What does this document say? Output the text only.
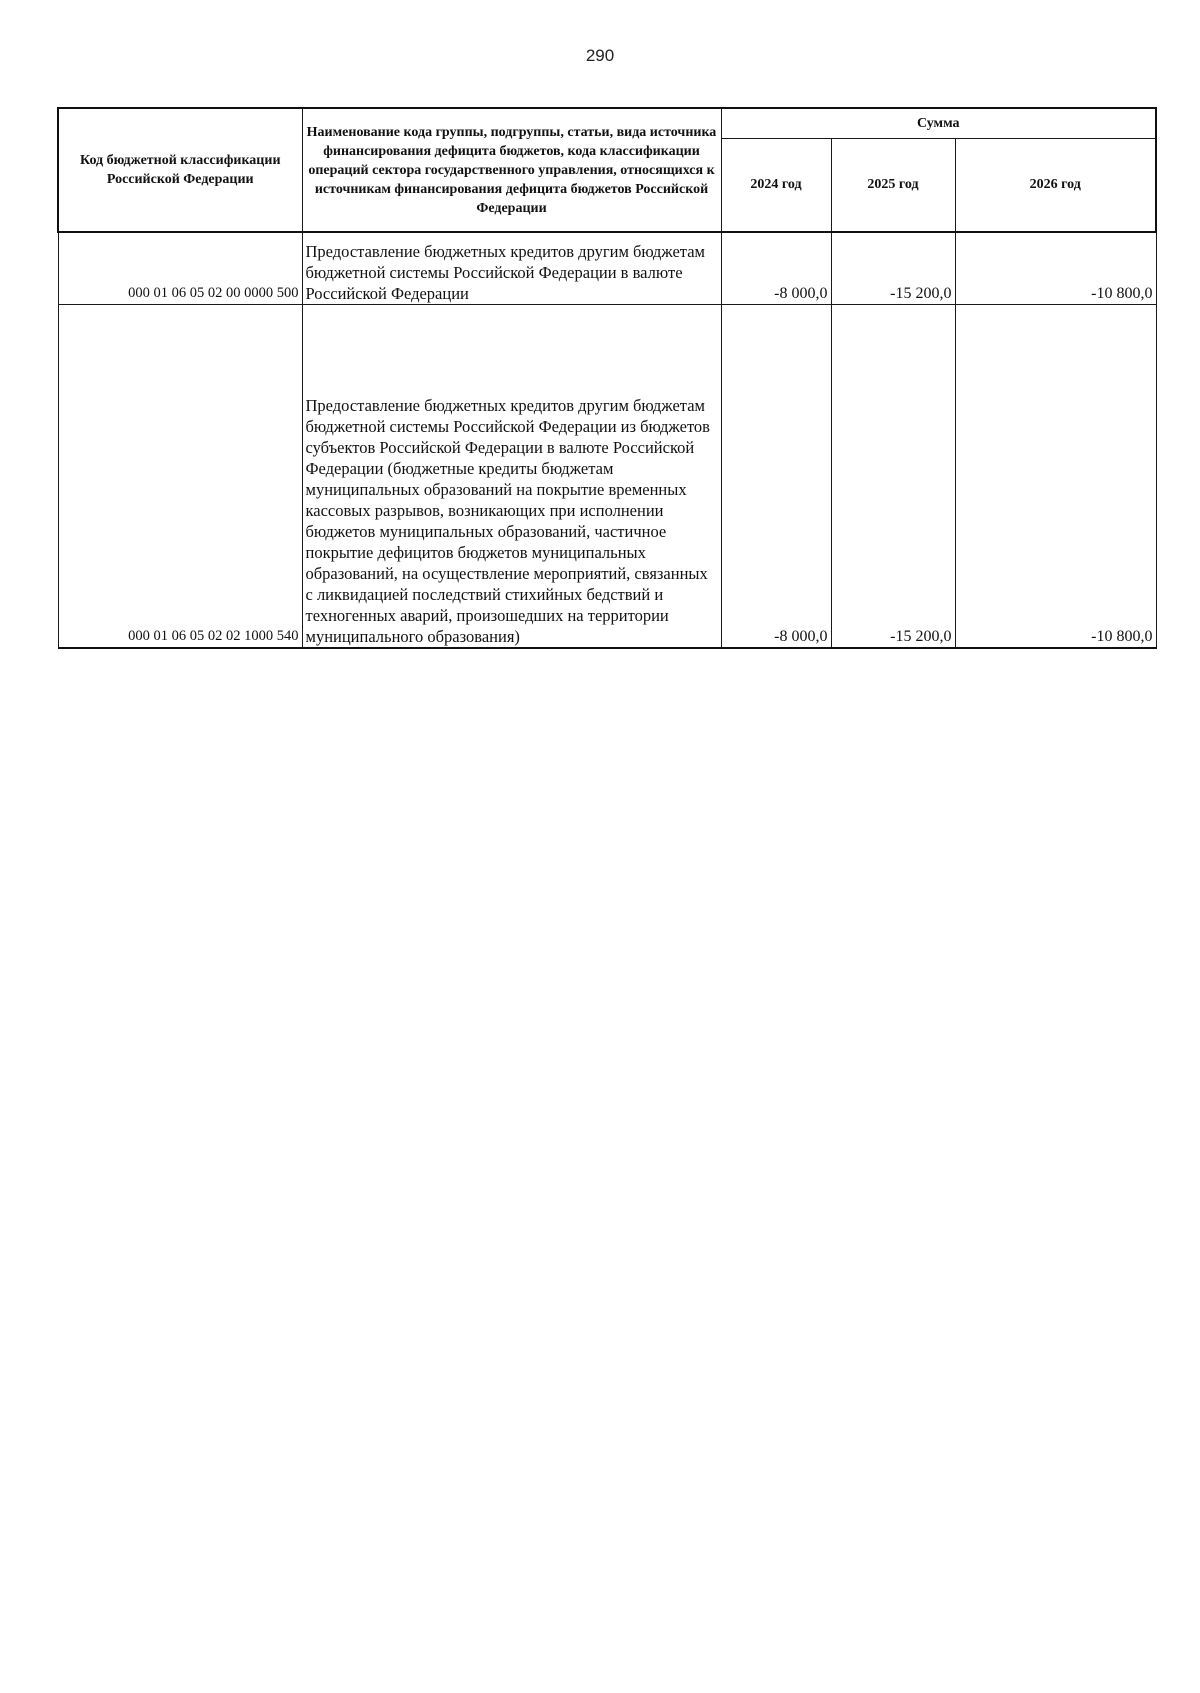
290
Код бюджетной классификации Российской Федерации	Наименование кода группы, подгруппы, статьи, вида источника финансирования дефицита бюджетов, кода классификации операций сектора государственного управления, относящихся к источникам финансирования дефицита бюджетов Российской Федерации	Сумма		
		2024 год	2025 год	2026 год
000 01 06 05 02 00 0000 500	Предоставление бюджетных кредитов другим бюджетам бюджетной системы Российской Федерации в валюте Российской Федерации	-8 000,0	-15 200,0	-10 800,0
000 01 06 05 02 02 1000 540	Предоставление бюджетных кредитов другим бюджетам бюджетной системы Российской Федерации из бюджетов субъектов Российской Федерации в валюте Российской Федерации (бюджетные кредиты бюджетам муниципальных образований на покрытие временных кассовых разрывов, возникающих при исполнении бюджетов муниципальных образований, частичное покрытие дефицитов бюджетов муниципальных образований, на осуществление мероприятий, связанных с ликвидацией последствий стихийных бедствий и техногенных аварий, произошедших на территории муниципального образования)	-8 000,0	-15 200,0	-10 800,0
